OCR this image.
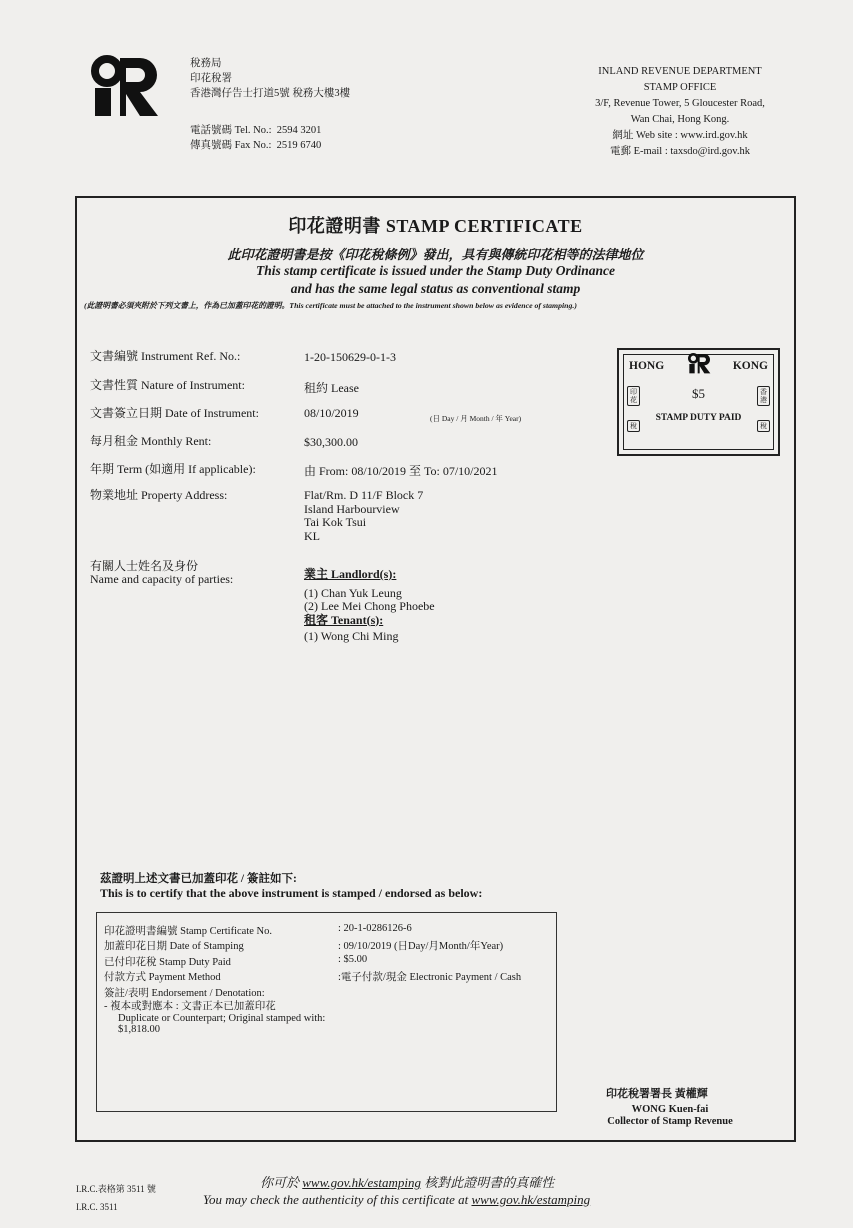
稅務局
印花稅署
香港灣仔告士打道5號 稅務大樓3樓
電話號碼 Tel. No.: 2594 3201
傳真號碼 Fax No.: 2519 6740
INLAND REVENUE DEPARTMENT
STAMP OFFICE
3/F, Revenue Tower, 5 Gloucester Road,
Wan Chai, Hong Kong.
網址 Web site : www.ird.gov.hk
電郵 E-mail : taxsdo@ird.gov.hk
印花證明書 STAMP CERTIFICATE
此印花證明書是按《印花稅條例》發出，具有與傳統印花相等的法律地位
This stamp certificate is issued under the Stamp Duty Ordinance
and has the same legal status as conventional stamp
(此證明書必須夾附於下列文書上，作為已加蓋印花的證明。This certificate must be attached to the instrument shown below as evidence of stamping.)
文書編號 Instrument Ref. No.:	1-20-150629-0-1-3
文書性質 Nature of Instrument:	租約 Lease
文書簽立日期 Date of Instrument:	08/10/2019	(日 Day / 月 Month / 年 Year)
每月租金 Monthly Rent:	$30,300.00
年期 Term (如適用 If applicable):	由 From: 08/10/2019 至 To: 07/10/2021
物業地址 Property Address:	Flat/Rm. D 11/F Block 7
Island Harbourview
Tai Kok Tsui
KL
有關人士姓名及身份
Name and capacity of parties:	業主 Landlord(s):
(1) Chan Yuk Leung
(2) Lee Mei Chong Phoebe
租客 Tenant(s):
(1) Wong Chi Ming
HONG	KONG
$5
STAMP DUTY PAID
印花
香港
稅	稅
茲證明上述文書已加蓋印花 / 簽註如下:
This is to certify that the above instrument is stamped / endorsed as below:
印花證明書編號 Stamp Certificate No.	: 20-1-0286126-6
加蓋印花日期 Date of Stamping	: 09/10/2019 (日Day/月Month/年Year)
已付印花稅 Stamp Duty Paid	: $5.00
付款方式 Payment Method	:電子付款/現金 Electronic Payment / Cash
簽註/表明 Endorsement / Denotation:
- 複本或對應本 : 文書正本已加蓋印花
Duplicate or Counterpart; Original stamped with:
$1,818.00
印花稅署署長 黃權輝
WONG Kuen-fai
Collector of Stamp Revenue
I.R.C.表格第 3511 號
I.R.C. 3511
你可於 www.gov.hk/estamping 核對此證明書的真確性
You may check the authenticity of this certificate at www.gov.hk/estamping
